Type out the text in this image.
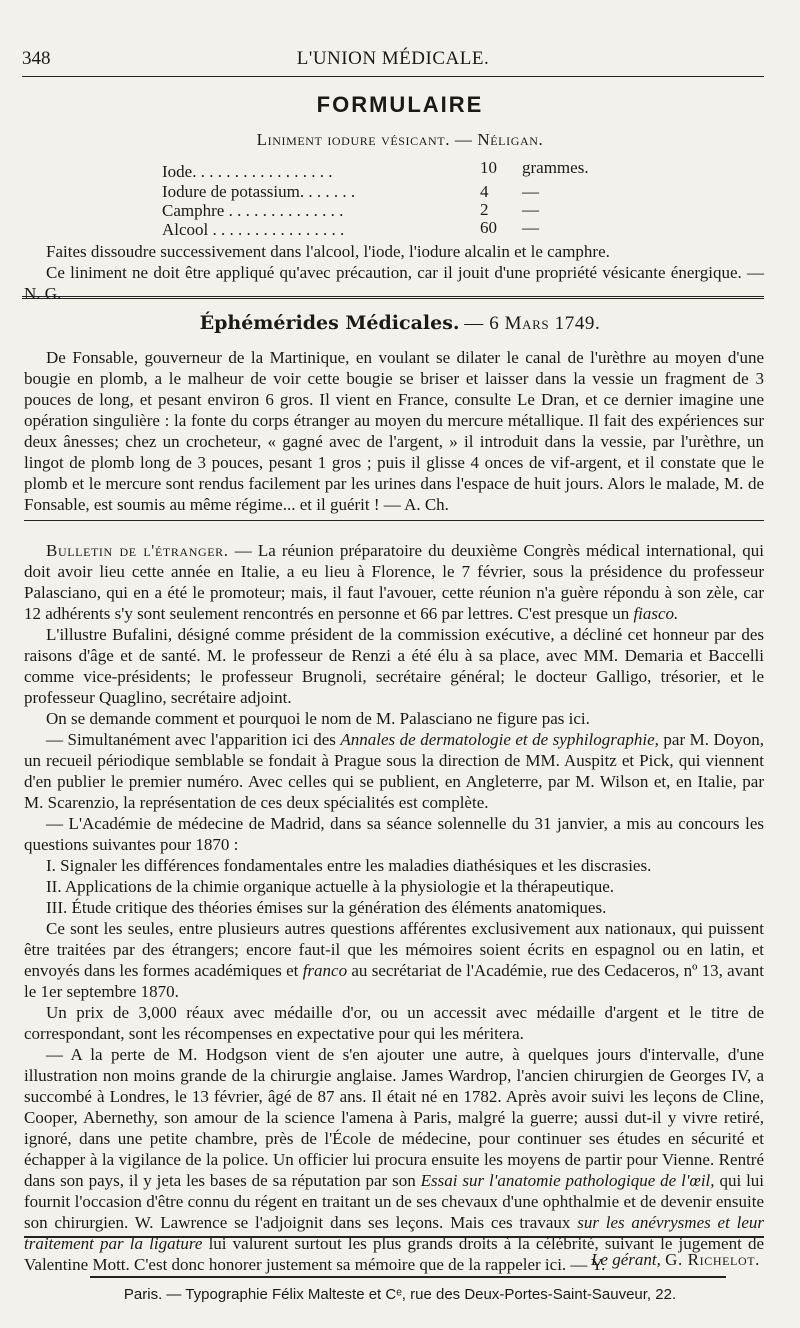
348	L'UNION MÉDICALE.
FORMULAIRE
Liniment iodure vésicant. — Néligan.
Iode. . . . . . . . . . . . . . . . .	10 grammes.
Iodure de potassium. . . . . . .	4 —
Camphre . . . . . . . . . . . . . .	2 —
Alcool . . . . . . . . . . . . . . . .	60 —

Faites dissoudre successivement dans l'alcool, l'iode, l'iodure alcalin et le camphre.

Ce liniment ne doit être appliqué qu'avec précaution, car il jouit d'une propriété vésicante énergique. — N. G.

Éphémérides Médicales. — 6 Mars 1749.

De Fonsable, gouverneur de la Martinique, en voulant se dilater le canal de l'urèthre au moyen d'une bougie en plomb, a le malheur de voir cette bougie se briser et laisser dans la vessie un fragment de 3 pouces de long, et pesant environ 6 gros. Il vient en France, consulte Le Dran, et ce dernier imagine une opération singulière : la fonte du corps étranger au moyen du mercure métallique. Il fait des expériences sur deux ânesses; chez un crocheteur, « gagné avec de l'argent, » il introduit dans la vessie, par l'urèthre, un lingot de plomb long de 3 pouces, pesant 1 gros ; puis il glisse 4 onces de vif-argent, et il constate que le plomb et le mercure sont rendus facilement par les urines dans l'espace de huit jours. Alors le malade, M. de Fonsable, est soumis au même régime... et il guérit ! — A. Ch.

Bulletin de l'étranger. — La réunion préparatoire du deuxième Congrès médical international, qui doit avoir lieu cette année en Italie, a eu lieu à Florence, le 7 février, sous la présidence du professeur Palasciano, qui en a été le promoteur; mais, il faut l'avouer, cette réunion n'a guère répondu à son zèle, car 12 adhérents s'y sont seulement rencontrés en personne et 66 par lettres. C'est presque un fiasco.

L'illustre Bufalini, désigné comme président de la commission exécutive, a décliné cet honneur par des raisons d'âge et de santé. M. le professeur de Renzi a été élu à sa place, avec MM. Demaria et Baccelli comme vice-présidents; le professeur Brugnoli, secrétaire général; le docteur Galligo, trésorier, et le professeur Quaglino, secrétaire adjoint.

On se demande comment et pourquoi le nom de M. Palasciano ne figure pas ici.

— Simultanément avec l'apparition ici des Annales de dermatologie et de syphilographie, par M. Doyon, un recueil périodique semblable se fondait à Prague sous la direction de MM. Auspitz et Pick, qui viennent d'en publier le premier numéro. Avec celles qui se publient, en Angleterre, par M. Wilson et, en Italie, par M. Scarenzio, la représentation de ces deux spécialités est complète.

— L'Académie de médecine de Madrid, dans sa séance solennelle du 31 janvier, a mis au concours les questions suivantes pour 1870 :

I. Signaler les différences fondamentales entre les maladies diathésiques et les discrasies.

II. Applications de la chimie organique actuelle à la physiologie et la thérapeutique.

III. Étude critique des théories émises sur la génération des éléments anatomiques.

Ce sont les seules, entre plusieurs autres questions afférentes exclusivement aux nationaux, qui puissent être traitées par des étrangers; encore faut-il que les mémoires soient écrits en espagnol ou en latin, et envoyés dans les formes académiques et franco au secrétariat de l'Académie, rue des Cedaceros, nº 13, avant le 1er septembre 1870.

Un prix de 3,000 réaux avec médaille d'or, ou un accessit avec médaille d'argent et le titre de correspondant, sont les récompenses en expectative pour qui les méritera.

— A la perte de M. Hodgson vient de s'en ajouter une autre, à quelques jours d'intervalle, d'une illustration non moins grande de la chirurgie anglaise. James Wardrop, l'ancien chirurgien de Georges IV, a succombé à Londres, le 13 février, âgé de 87 ans. Il était né en 1782. Après avoir suivi les leçons de Cline, Cooper, Abernethy, son amour de la science l'amena à Paris, malgré la guerre; aussi dut-il y vivre retiré, ignoré, dans une petite chambre, près de l'École de médecine, pour continuer ses études en sécurité et échapper à la vigilance de la police. Un officier lui procura ensuite les moyens de partir pour Vienne. Rentré dans son pays, il y jeta les bases de sa réputation par son Essai sur l'anatomie pathologique de l'œil, qui lui fournit l'occasion d'être connu du régent en traitant un de ses chevaux d'une ophthalmie et de devenir ensuite son chirurgien. W. Lawrence se l'adjoignit dans ses leçons. Mais ces travaux sur les anévrysmes et leur traitement par la ligature lui valurent surtout les plus grands droits à la célébrité, suivant le jugement de Valentine Mott. C'est donc honorer justement sa mémoire que de la rappeler ici. — Y.

Le gérant, G. Richelot.
Paris. — Typographie Félix Malteste et Cᵉ, rue des Deux-Portes-Saint-Sauveur, 22.
